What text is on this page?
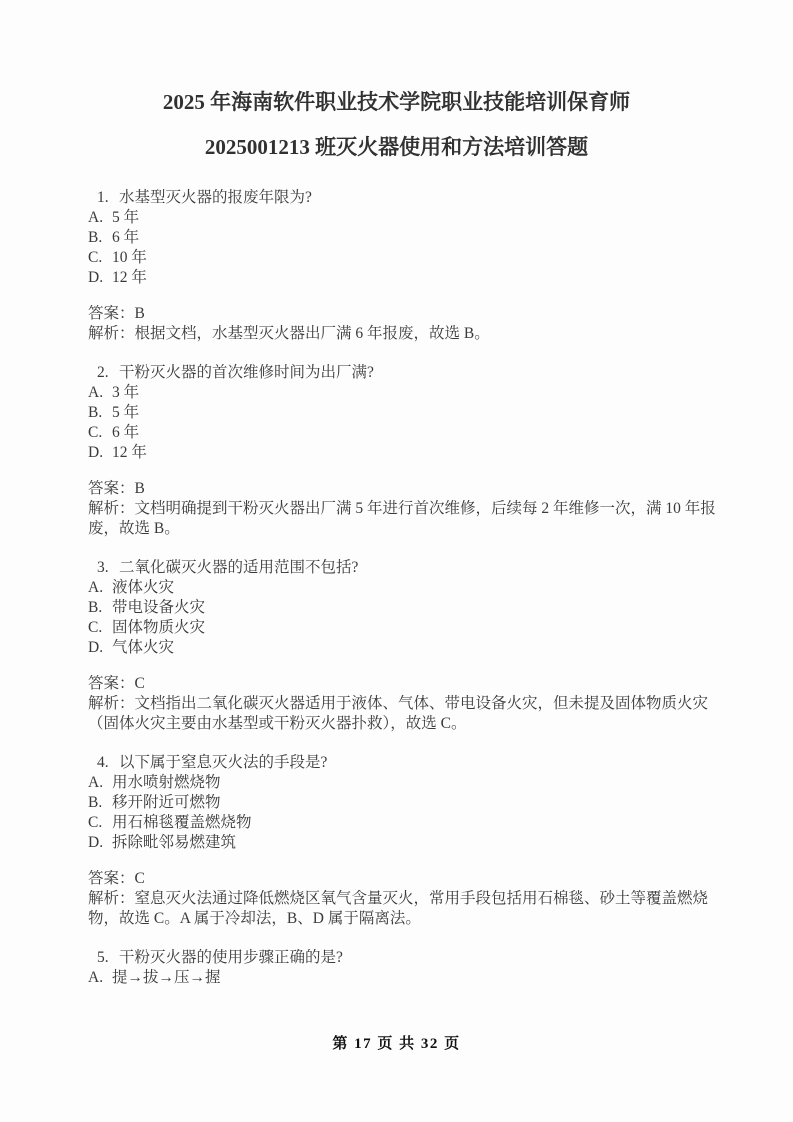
2025 年海南软件职业技术学院职业技能培训保育师
2025001213 班灭火器使用和方法培训答题
1. 水基型灭火器的报废年限为?
A. 5 年
B. 6 年
C. 10 年
D. 12 年
答案：B
解析：根据文档，水基型灭火器出厂满 6 年报废，故选 B。
2. 干粉灭火器的首次维修时间为出厂满?
A. 3 年
B. 5 年
C. 6 年
D. 12 年
答案：B
解析：文档明确提到干粉灭火器出厂满 5 年进行首次维修，后续每 2 年维修一次，满 10 年报
废，故选 B。
3. 二氧化碳灭火器的适用范围不包括?
A. 液体火灾
B. 带电设备火灾
C. 固体物质火灾
D. 气体火灾
答案：C
解析：文档指出二氧化碳灭火器适用于液体、气体、带电设备火灾，但未提及固体物质火灾
（固体火灾主要由水基型或干粉灭火器扑救），故选 C。
4. 以下属于窒息灭火法的手段是?
A. 用水喷射燃烧物
B. 移开附近可燃物
C. 用石棉毯覆盖燃烧物
D. 拆除毗邻易燃建筑
答案：C
解析：窒息灭火法通过降低燃烧区氧气含量灭火，常用手段包括用石棉毯、砂土等覆盖燃烧
物，故选 C。A 属于冷却法，B、D 属于隔离法。
5. 干粉灭火器的使用步骤正确的是?
A. 提→拔→压→握
第 17 页 共 32 页
